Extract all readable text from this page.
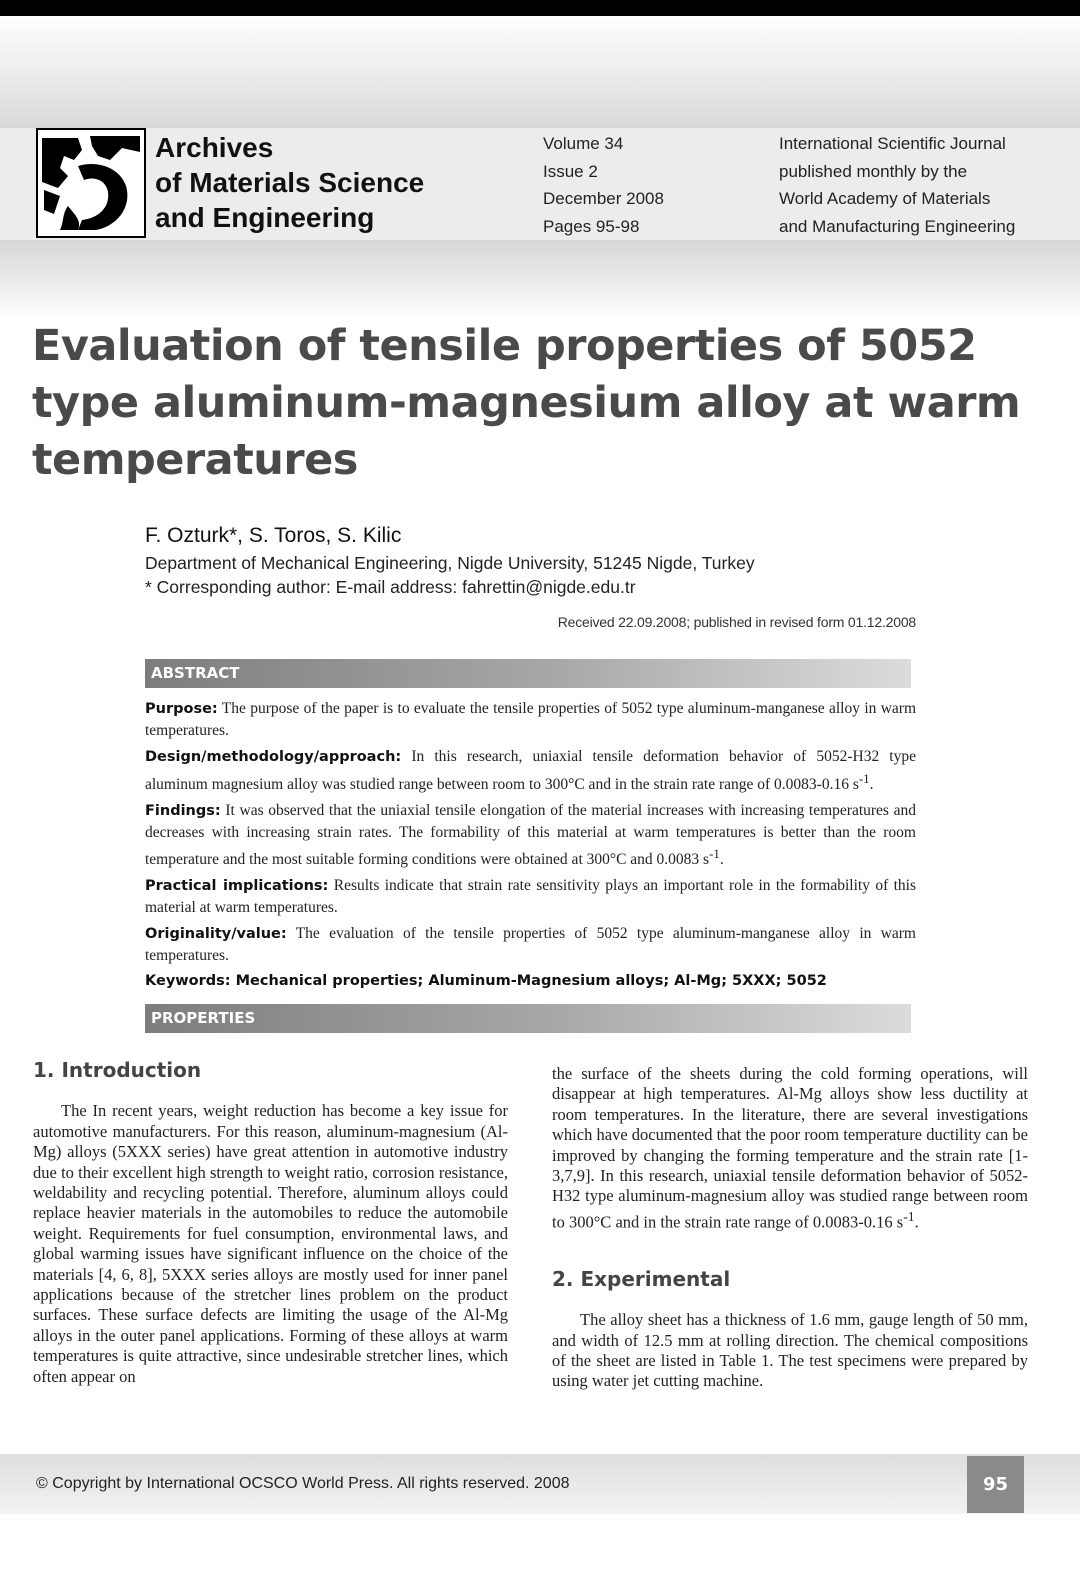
Archives
of Materials Science
and Engineering
Volume 34
Issue 2
December 2008
Pages 95-98
International Scientific Journal
published monthly by the
World Academy of Materials
and Manufacturing Engineering
Evaluation of tensile properties of 5052 type aluminum-magnesium alloy at warm temperatures
F. Ozturk*, S. Toros, S. Kilic
Department of Mechanical Engineering, Nigde University, 51245 Nigde, Turkey
* Corresponding author: E-mail address: fahrettin@nigde.edu.tr
Received 22.09.2008; published in revised form 01.12.2008
ABSTRACT

Purpose: The purpose of the paper is to evaluate the tensile properties of 5052 type aluminum-manganese alloy in warm temperatures.

Design/methodology/approach: In this research, uniaxial tensile deformation behavior of 5052-H32 type aluminum magnesium alloy was studied range between room to 300°C and in the strain rate range of 0.0083-0.16 $s^{-1}$.

Findings: It was observed that the uniaxial tensile elongation of the material increases with increasing temperatures and decreases with increasing strain rates. The formability of this material at warm temperatures is better than the room temperature and the most suitable forming conditions were obtained at 300°C and 0.0083 $s^{-1}$.

Practical implications: Results indicate that strain rate sensitivity plays an important role in the formability of this material at warm temperatures.

Originality/value: The evaluation of the tensile properties of 5052 type aluminum-manganese alloy in warm temperatures.

Keywords: Mechanical properties; Aluminum-Magnesium alloys; Al-Mg; 5XXX; 5052

PROPERTIES
1. Introduction

The In recent years, weight reduction has become a key issue for automotive manufacturers. For this reason, aluminum-magnesium (Al-Mg) alloys (5XXX series) have great attention in automotive industry due to their excellent high strength to weight ratio, corrosion resistance, weldability and recycling potential. Therefore, aluminum alloys could replace heavier materials in the automobiles to reduce the automobile weight. Requirements for fuel consumption, environmental laws, and global warming issues have significant influence on the choice of the materials [4, 6, 8], 5XXX series alloys are mostly used for inner panel applications because of the stretcher lines problem on the product surfaces. These surface defects are limiting the usage of the Al-Mg alloys in the outer panel applications. Forming of these alloys at warm temperatures is quite attractive, since undesirable stretcher lines, which often appear on

the surface of the sheets during the cold forming operations, will disappear at high temperatures. Al-Mg alloys show less ductility at room temperatures. In the literature, there are several investigations which have documented that the poor room temperature ductility can be improved by changing the forming temperature and the strain rate [1-3,7,9]. In this research, uniaxial tensile deformation behavior of 5052-H32 type aluminum-magnesium alloy was studied range between room to 300°C and in the strain rate range of 0.0083-0.16 $s^{-1}$.

2. Experimental

The alloy sheet has a thickness of 1.6 mm, gauge length of 50 mm, and width of 12.5 mm at rolling direction. The chemical compositions of the sheet are listed in Table 1. The test specimens were prepared by using water jet cutting machine.

© Copyright by International OCSCO World Press. All rights reserved. 2008	95
